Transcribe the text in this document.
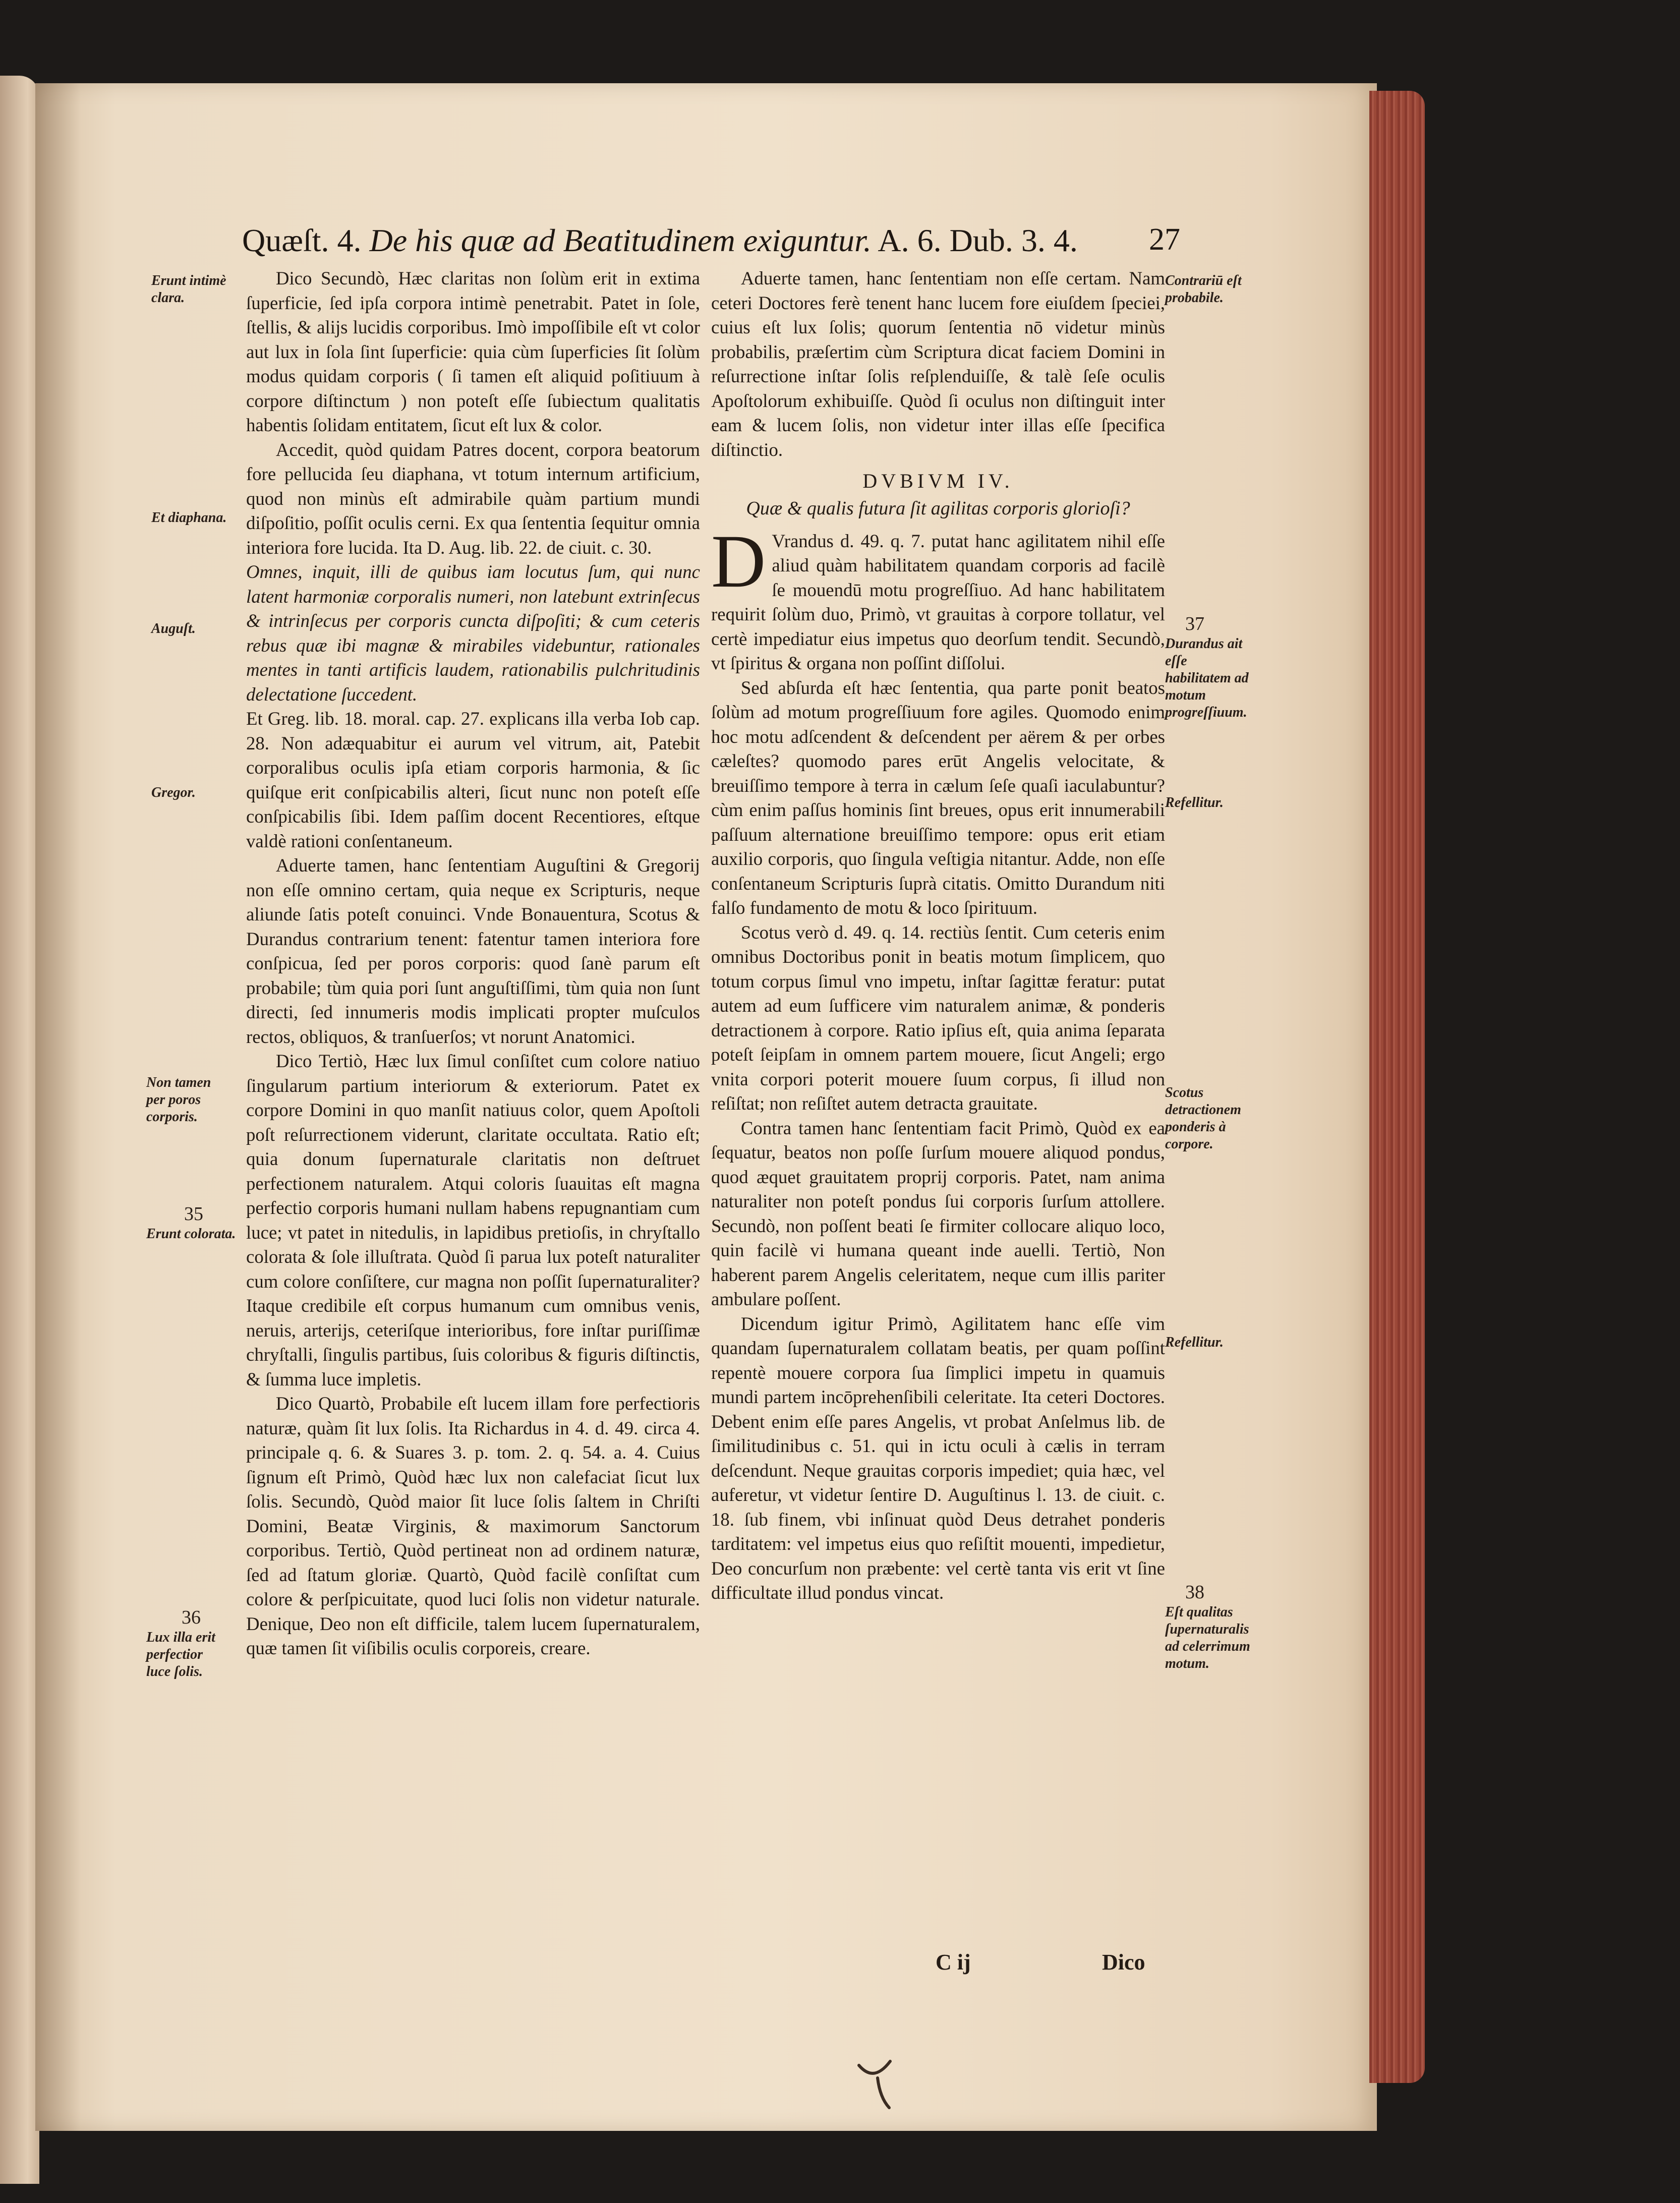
Quæſt. 4. De his quæ ad Beatitudinem exiguntur. A. 6. Dub. 3. 4. 27
Erunt intimè clara.
Et diaphana.
Auguſt.
Gregor.
Non tamen per poros corporis.
35
Erunt colorata.
36
Lux illa erit perfectior luce ſolis.
Contrariū eſt probabile.
37
Durandus ait eſſe habilitatem ad motum progreſſiuum.
Refellitur.
Scotus detractionem ponderis à corpore.
Refellitur.
38
Eſt qualitas ſupernaturalis ad celerrimum motum.

Dico Secundò, Hæc claritas non ſolùm erit in extima ſuperficie, ſed ipſa corpora intimè penetrabit. Patet in ſole, ſtellis, & alijs lucidis corporibus. Imò impoſſibile eſt vt color aut lux in ſola ſint ſuperficie: quia cùm ſuperficies ſit ſolùm modus quidam corporis ( ſi tamen eſt aliquid poſitiuum à corpore diſtinctum ) non poteſt eſſe ſubiectum qualitatis habentis ſolidam entitatem, ſicut eſt lux & color.

Accedit, quòd quidam Patres docent, corpora beatorum fore pellucida ſeu diaphana, vt totum internum artificium, quod non minùs eſt admirabile quàm partium mundi diſpoſitio, poſſit oculis cerni. Ex qua ſententia ſequitur omnia interiora fore lucida. Ita D. Aug. lib. 22. de ciuit. c. 30.

Omnes, inquit, illi de quibus iam locutus ſum, qui nunc latent harmoniæ corporalis numeri, non latebunt extrinſecus & intrinſecus per corporis cuncta diſpoſiti; & cum ceteris rebus quæ ibi magnæ & mirabiles videbuntur, rationales mentes in tanti artificis laudem, rationabilis pulchritudinis delectatione ſuccedent.

Et Greg. lib. 18. moral. cap. 27. explicans illa verba Iob cap. 28. Non adæquabitur ei aurum vel vitrum, ait, Patebit corporalibus oculis ipſa etiam corporis harmonia, & ſic quiſque erit conſpicabilis alteri, ſicut nunc non poteſt eſſe conſpicabilis ſibi. Idem paſſim docent Recentiores, eſtque valdè rationi conſentaneum.

Aduerte tamen, hanc ſententiam Auguſtini & Gregorij non eſſe omnino certam, quia neque ex Scripturis, neque aliunde ſatis poteſt conuinci. Vnde Bonauentura, Scotus & Durandus contrarium tenent: fatentur tamen interiora fore conſpicua, ſed per poros corporis: quod ſanè parum eſt probabile; tùm quia pori ſunt anguſtiſſimi, tùm quia non ſunt directi, ſed innumeris modis implicati propter muſculos rectos, obliquos, & tranſuerſos; vt norunt Anatomici.

Dico Tertiò, Hæc lux ſimul conſiſtet cum colore natiuo ſingularum partium interiorum & exteriorum. Patet ex corpore Domini in quo manſit natiuus color, quem Apoſtoli poſt reſurrectionem viderunt, claritate occultata. Ratio eſt; quia donum ſupernaturale claritatis non deſtruet perfectionem naturalem. Atqui coloris ſuauitas eſt magna perfectio corporis humani nullam habens repugnantiam cum luce; vt patet in nitedulis, in lapidibus pretioſis, in chryſtallo colorata & ſole illuſtrata. Quòd ſi parua lux poteſt naturaliter cum colore conſiſtere, cur magna non poſſit ſupernaturaliter? Itaque credibile eſt corpus humanum cum omnibus venis, neruis, arterijs, ceteriſque interioribus, fore inſtar puriſſimæ chryſtalli, ſingulis partibus, ſuis coloribus & figuris diſtinctis, & ſumma luce impletis.

Dico Quartò, Probabile eſt lucem illam fore perfectioris naturæ, quàm ſit lux ſolis. Ita Richardus in 4. d. 49. circa 4. principale q. 6. & Suares 3. p. tom. 2. q. 54. a. 4. Cuius ſignum eſt Primò, Quòd hæc lux non calefaciat ſicut lux ſolis. Secundò, Quòd maior ſit luce ſolis ſaltem in Chriſti Domini, Beatæ Virginis, & maximorum Sanctorum corporibus. Tertiò, Quòd pertineat non ad ordinem naturæ, ſed ad ſtatum gloriæ. Quartò, Quòd facilè conſiſtat cum colore & perſpicuitate, quod luci ſolis non videtur naturale. Denique, Deo non eſt difficile, talem lucem ſupernaturalem, quæ tamen ſit viſibilis oculis corporeis, creare.

Aduerte tamen, hanc ſententiam non eſſe certam. Nam ceteri Doctores ferè tenent hanc lucem fore eiuſdem ſpeciei, cuius eſt lux ſolis; quorum ſententia nō videtur minùs probabilis, præſertim cùm Scriptura dicat faciem Domini in reſurrectione inſtar ſolis reſplenduiſſe, & talè ſeſe oculis Apoſtolorum exhibuiſſe. Quòd ſi oculus non diſtinguit inter eam & lucem ſolis, non videtur inter illas eſſe ſpecifica diſtinctio.

DVBIVM IV.
Quæ & qualis futura ſit agilitas corporis glorioſi?

D Vrandus d. 49. q. 7. putat hanc agilitatem nihil eſſe aliud quàm habilitatem quandam corporis ad facilè ſe mouendū motu progreſſiuo. Ad hanc habilitatem requirit ſolùm duo, Primò, vt grauitas à corpore tollatur, vel certè impediatur eius impetus quo deorſum tendit. Secundò, vt ſpiritus & organa non poſſint diſſolui.

Sed abſurda eſt hæc ſententia, qua parte ponit beatos ſolùm ad motum progreſſiuum fore agiles. Quomodo enim hoc motu adſcendent & deſcendent per aërem & per orbes cæleſtes? quomodo pares erūt Angelis velocitate, & breuiſſimo tempore à terra in cælum ſeſe quaſi iaculabuntur? cùm enim paſſus hominis ſint breues, opus erit innumerabili paſſuum alternatione breuiſſimo tempore: opus erit etiam auxilio corporis, quo ſingula veſtigia nitantur. Adde, non eſſe conſentaneum Scripturis ſuprà citatis. Omitto Durandum niti falſo fundamento de motu & loco ſpirituum.

Scotus verò d. 49. q. 14. rectiùs ſentit. Cum ceteris enim omnibus Doctoribus ponit in beatis motum ſimplicem, quo totum corpus ſimul vno impetu, inſtar ſagittæ feratur: putat autem ad eum ſufficere vim naturalem animæ, & ponderis detractionem à corpore. Ratio ipſius eſt, quia anima ſeparata poteſt ſeipſam in omnem partem mouere, ſicut Angeli; ergo vnita corpori poterit mouere ſuum corpus, ſi illud non reſiſtat; non reſiſtet autem detracta grauitate.

Contra tamen hanc ſententiam facit Primò, Quòd ex ea ſequatur, beatos non poſſe ſurſum mouere aliquod pondus, quod æquet grauitatem proprij corporis. Patet, nam anima naturaliter non poteſt pondus ſui corporis ſurſum attollere. Secundò, non poſſent beati ſe firmiter collocare aliquo loco, quin facilè vi humana queant inde auelli. Tertiò, Non haberent parem Angelis celeritatem, neque cum illis pariter ambulare poſſent.

Dicendum igitur Primò, Agilitatem hanc eſſe vim quandam ſupernaturalem collatam beatis, per quam poſſint repentè mouere corpora ſua ſimplici impetu in quamuis mundi partem incōprehenſibili celeritate. Ita ceteri Doctores. Debent enim eſſe pares Angelis, vt probat Anſelmus lib. de ſimilitudinibus c. 51. qui in ictu oculi à cælis in terram deſcendunt. Neque grauitas corporis impediet; quia hæc, vel auferetur, vt videtur ſentire D. Auguſtinus l. 13. de ciuit. c. 18. ſub finem, vbi inſinuat quòd Deus detrahet ponderis tarditatem: vel impetus eius quo reſiſtit mouenti, impedietur, Deo concurſum non præbente: vel certè tanta vis erit vt ſine difficultate illud pondus vincat.

C ij	Dico
